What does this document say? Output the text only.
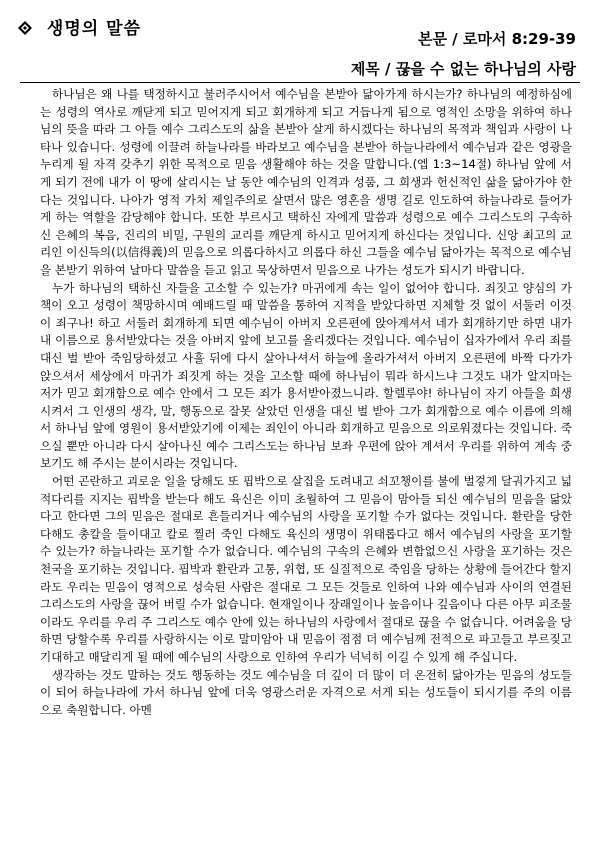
생명의 말씀	본문 / 로마서 8:29-39
제목 / 끊을 수 없는 하나님의 사랑

하나님은 왜 나를 택정하시고 불러주시어서 예수님을 본받아 닮아가게 하시는가? 하나님의 예정하심에는 성령의 역사로 깨닫게 되고 믿어지게 되고 회개하게 되고 거듭나게 됨으로 영적인 소망을 위하여 하나님의 뜻을 따라 그 아들 예수 그리스도의 삶을 본받아 살게 하시겠다는 하나님의 목적과 책임과 사랑이 나타나 있습니다. 성령에 이끌려 하늘나라를 바라보고 예수님을 본받아 하늘나라에서 예수님과 같은 영광을 누리게 될 자격 갖추기 위한 목적으로 믿음 생활해야 하는 것을 말합니다.(엡 1:3~14절) 하나님 앞에 서게 되기 전에 내가 이 땅에 살리시는 날 동안 예수님의 인격과 성품, 그 희생과 헌신적인 삶을 닮아가야 한다는 것입니다. 나아가 영적 가치 제일주의로 살면서 많은 영혼을 생명 길로 인도하여 하늘나라로 들어가게 하는 역할을 감당해야 합니다. 또한 부르시고 택하신 자에게 말씀과 성령으로 예수 그리스도의 구속하신 은혜의 복음, 진리의 비밀, 구원의 교리를 깨닫게 하시고 믿어지게 하신다는 것입니다. 신앙 최고의 교리인 이신득의(以信得義)의 믿음으로 의롭다하시고 의롭다 하신 그들을 예수님 닮아가는 목적으로 예수님을 본받기 위하여 날마다 말씀을 듣고 읽고 묵상하면서 믿음으로 나가는 성도가 되시기 바랍니다.

누가 하나님의 택하신 자들을 고소할 수 있는가? 마귀에게 속는 일이 없어야 합니다. 죄짓고 양심의 가책이 오고 성령이 책망하시며 예배드릴 때 말씀을 통하여 지적을 받았다하면 지체할 것 없이 서둘러 이것이 죄구나! 하고 서둘러 회개하게 되면 예수님이 아버지 오른편에 앉아계셔서 네가 회개하기만 하면 내가 내 이름으로 용서받았다는 것을 아버지 앞에 보고를 올리겠다는 것입니다. 예수님이 십자가에서 우리 죄를 대신 벌 받아 죽임당하셨고 사흘 뒤에 다시 살아나셔서 하늘에 올라가셔서 아버지 오른편에 바짝 다가가 앉으셔서 세상에서 마귀가 죄짓게 하는 것을 고소할 때에 하나님이 뭐라 하시느냐 그것도 내가 알지마는 저가 믿고 회개함으로 예수 안에서 그 모든 죄가 용서받아졌느니라. 할렐루야! 하나님이 자기 아들을 희생시켜서 그 인생의 생각, 말, 행동으로 잘못 살았던 인생을 대신 벌 받아 그가 회개함으로 예수 이름에 의해서 하나님 앞에 영원이 용서받았기에 이제는 죄인이 아니라 회개하고 믿음으로 의로워졌다는 것입니다. 죽으실 뿐만 아니라 다시 살아나신 예수 그리스도는 하나님 보좌 우편에 앉아 계셔서 우리를 위하여 계속 중보기도 해 주시는 분이시라는 것입니다.

어떤 곤란하고 괴로운 일을 당해도 또 핍박으로 살집을 도려내고 쇠꼬챙이를 불에 벌겋게 달궈가지고 넓적다리를 지지는 핍박을 받는다 해도 육신은 이미 초월하여 그 믿음이 맘아들 되신 예수님의 믿음을 닮았다고 한다면 그의 믿음은 절대로 흔들리거나 예수님의 사랑을 포기할 수가 없다는 것입니다. 환란을 당한 다해도 총칼을 들이대고 칼로 찔러 죽인 다해도 육신의 생명이 위태롭다고 해서 예수님의 사랑을 포기할 수 있는가? 하늘나라는 포기할 수가 없습니다. 예수님의 구속의 은혜와 변함없으신 사랑을 포기하는 것은 천국을 포기하는 것입니다. 핍박과 환란과 고통, 위협, 또 실질적으로 죽임을 당하는 상황에 들어간다 할지라도 우리는 믿음이 영적으로 성숙된 사람은 절대로 그 모든 것들로 인하여 나와 예수님과 사이의 연결된 그리스도의 사랑을 끊어 버릴 수가 없습니다. 현재일이나 장래일이나 높음이나 깊음이나 다른 아무 피조물이라도 우리를 우리 주 그리스도 예수 안에 있는 하나님의 사랑에서 절대로 끊을 수 없습니다. 어려움을 당하면 당할수록 우리를 사랑하시는 이로 말미암아 내 믿음이 점점 더 예수님께 전적으로 파고들고 부르짖고 기대하고 매달리게 될 때에 예수님의 사랑으로 인하여 우리가 넉넉히 이길 수 있게 해 주십니다.

생각하는 것도 말하는 것도 행동하는 것도 예수님을 더 깊이 더 많이 더 온전히 닮아가는 믿음의 성도들이 되어 하늘나라에 가서 하나님 앞에 더욱 영광스러운 자격으로 서게 되는 성도들이 되시기를 주의 이름으로 축원합니다. 아멘
